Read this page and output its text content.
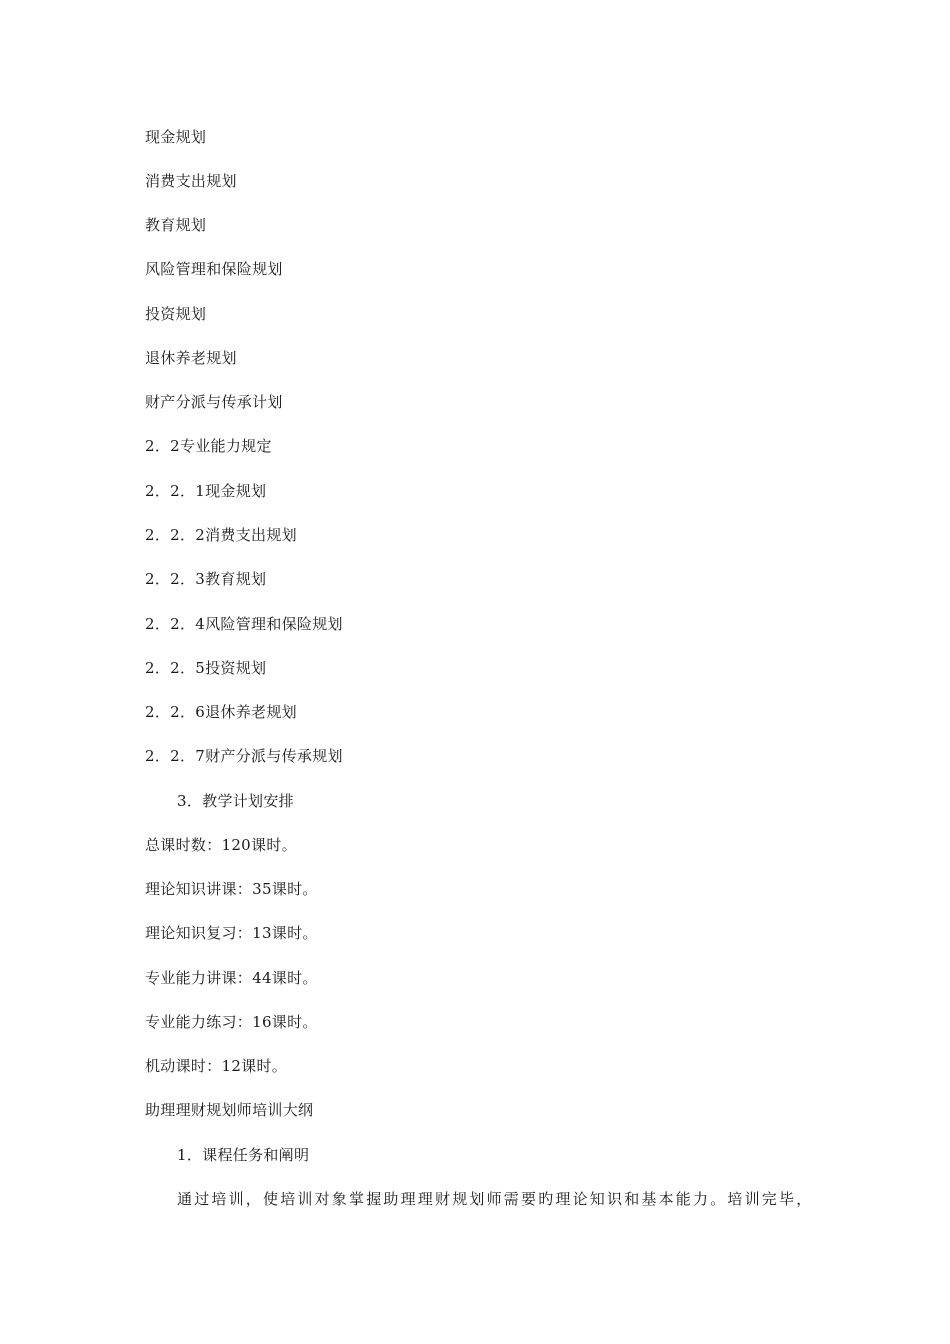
现金规划
消费支出规划
教育规划
风险管理和保险规划
投资规划
退休养老规划
财产分派与传承计划
2．2专业能力规定
2．2．1现金规划
2．2．2消费支出规划
2．2．3教育规划
2．2．4风险管理和保险规划
2．2．5投资规划
2．2．6退休养老规划
2．2．7财产分派与传承规划
3．教学计划安排
总课时数：120课时。
理论知识讲课：35课时。
理论知识复习：13课时。
专业能力讲课：44课时。
专业能力练习：16课时。
机动课时：12课时。
助理理财规划师培训大纲
1．课程任务和阐明
通过培训，使培训对象掌握助理理财规划师需要旳理论知识和基本能力。培训完毕，
